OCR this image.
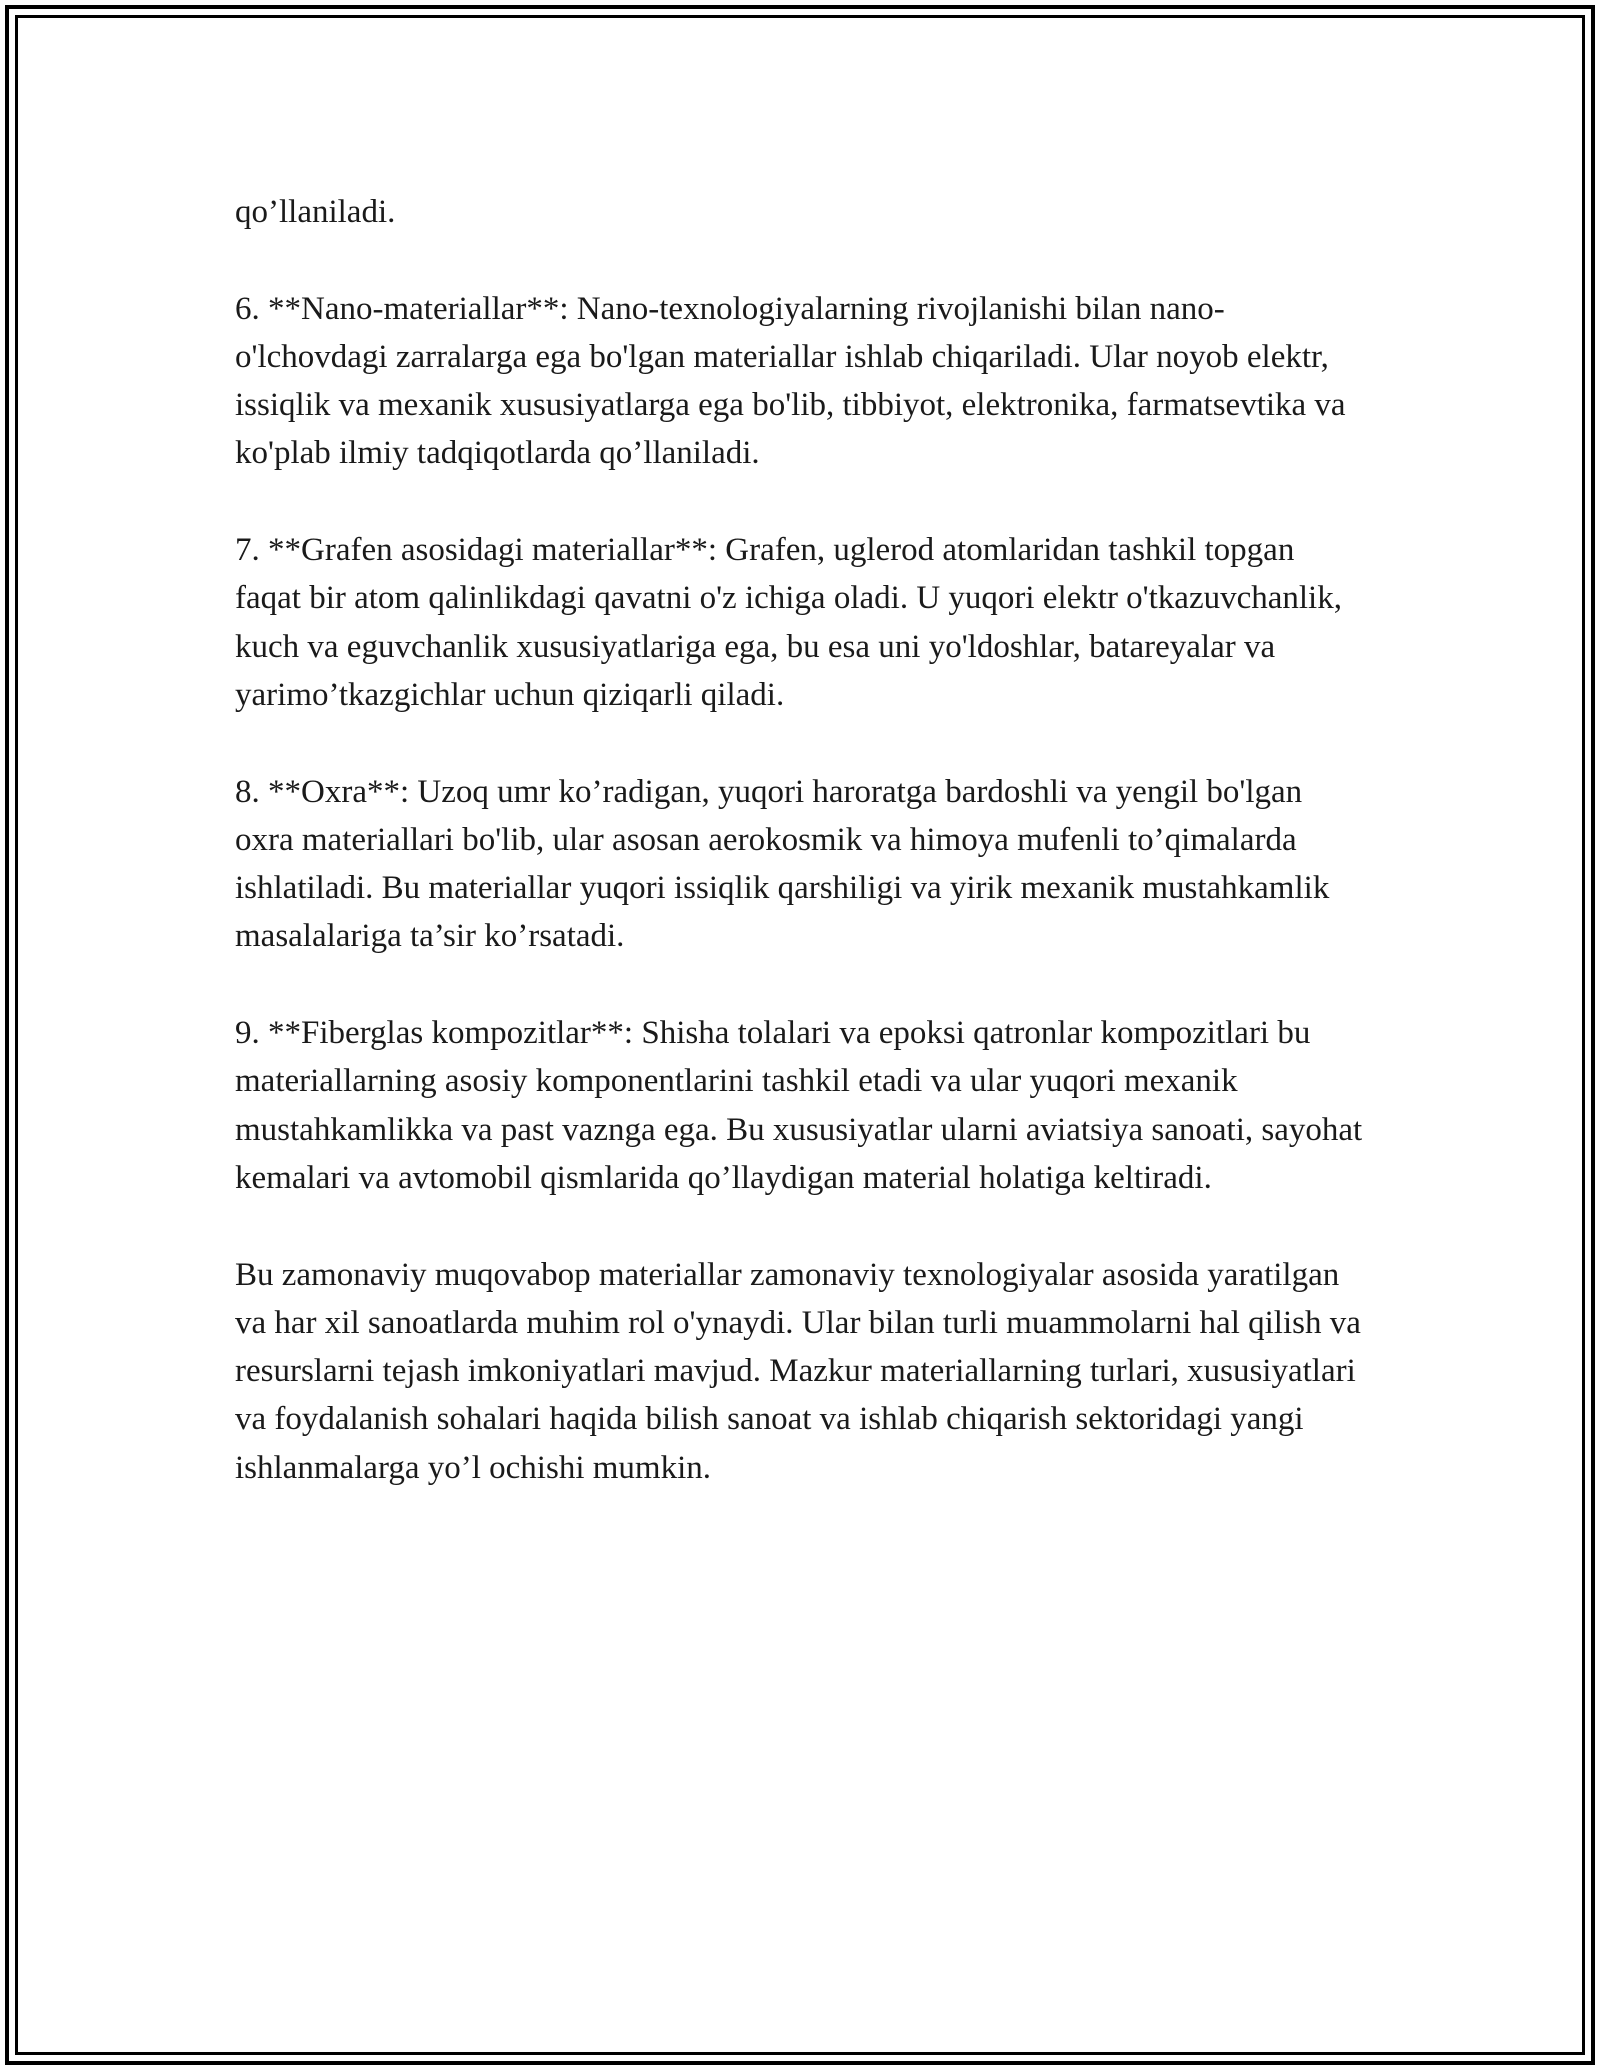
qo’llaniladi.

6. **Nano-materiallar**: Nano-texnologiyalarning rivojlanishi bilan nano-o'lchovdagi zarralarga ega bo'lgan materiallar ishlab chiqariladi. Ular noyob elektr, issiqlik va mexanik xususiyatlarga ega bo'lib, tibbiyot, elektronika, farmatsevtika va ko'plab ilmiy tadqiqotlarda qo’llaniladi.

7. **Grafen asosidagi materiallar**: Grafen, uglerod atomlaridan tashkil topgan faqat bir atom qalinlikdagi qavatni o'z ichiga oladi. U yuqori elektr o'tkazuvchanlik, kuch va eguvchanlik xususiyatlariga ega, bu esa uni yo'ldoshlar, batareyalar va yarimo’tkazgichlar uchun qiziqarli qiladi.

8. **Oxra**: Uzoq umr ko’radigan, yuqori haroratga bardoshli va yengil bo'lgan oxra materiallari bo'lib, ular asosan aerokosmik va himoya mufenli to’qimalarda ishlatiladi. Bu materiallar yuqori issiqlik qarshiligi va yirik mexanik mustahkamlik masalalariga ta’sir ko’rsatadi.

9. **Fiberglas kompozitlar**: Shisha tolalari va epoksi qatronlar kompozitlari bu materiallarning asosiy komponentlarini tashkil etadi va ular yuqori mexanik mustahkamlikka va past vaznga ega. Bu xususiyatlar ularni aviatsiya sanoati, sayohat kemalari va avtomobil qismlarida qo’llaydigan material holatiga keltiradi.

Bu zamonaviy muqovabop materiallar zamonaviy texnologiyalar asosida yaratilgan va har xil sanoatlarda muhim rol o'ynaydi. Ular bilan turli muammolarni hal qilish va resurslarni tejash imkoniyatlari mavjud. Mazkur materiallarning turlari, xususiyatlari va foydalanish sohalari haqida bilish sanoat va ishlab chiqarish sektoridagi yangi ishlanmalarga yo’l ochishi mumkin.
